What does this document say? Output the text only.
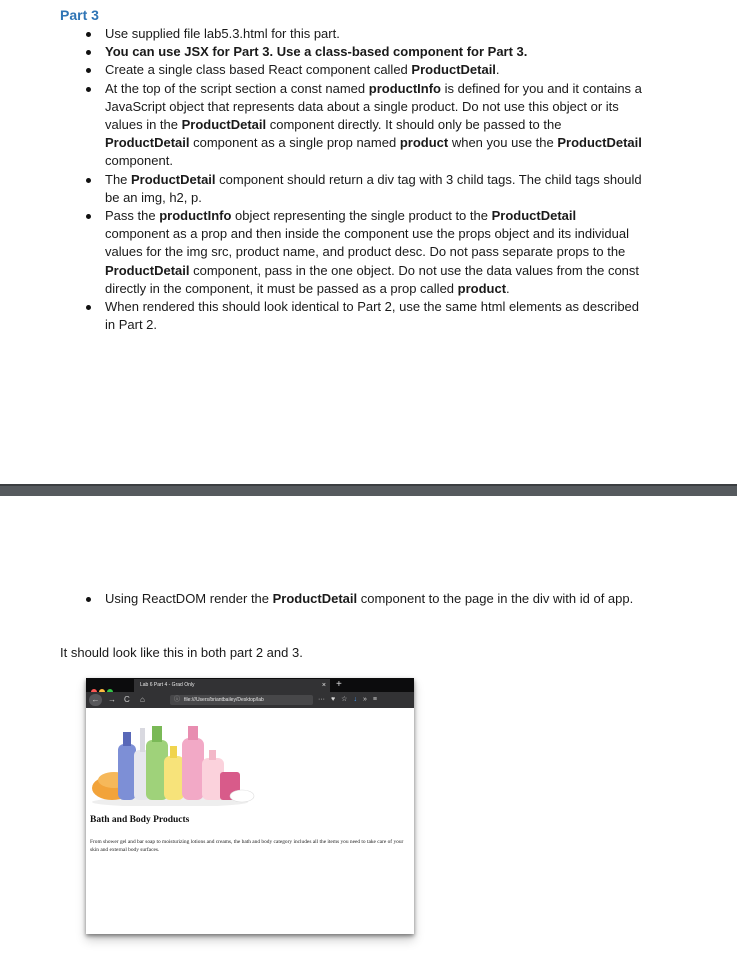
Part 3
Use supplied file lab5.3.html for this part.
You can use JSX for Part 3. Use a class-based component for Part 3.
Create a single class based React component called ProductDetail.
At the top of the script section a const named productInfo is defined for you and it contains a JavaScript object that represents data about a single product. Do not use this object or its values in the ProductDetail component directly. It should only be passed to the ProductDetail component as a single prop named product when you use the ProductDetail component.
The ProductDetail component should return a div tag with 3 child tags. The child tags should be an img, h2, p.
Pass the productInfo object representing the single product to the ProductDetail component as a prop and then inside the component use the props object and its individual values for the img src, product name, and product desc. Do not pass separate props to the ProductDetail component, pass in the one object. Do not use the data values from the const directly in the component, it must be passed as a prop called product.
When rendered this should look identical to Part 2, use the same html elements as described in Part 2.
Using ReactDOM render the ProductDetail component to the page in the div with id of app.
It should look like this in both part 2 and 3.
Lab 6 Part 4 - Grad Only	× +
←	→ C ⌂	ⓘ file:///Users/briantbailey/Desktop/lab	··· ♥ ☆ ↓ » ≡
Bath and Body Products
From shower gel and bar soap to moisturizing lotions and creams, the bath and body category includes all the items you need to take care of your skin and external body surfaces.
